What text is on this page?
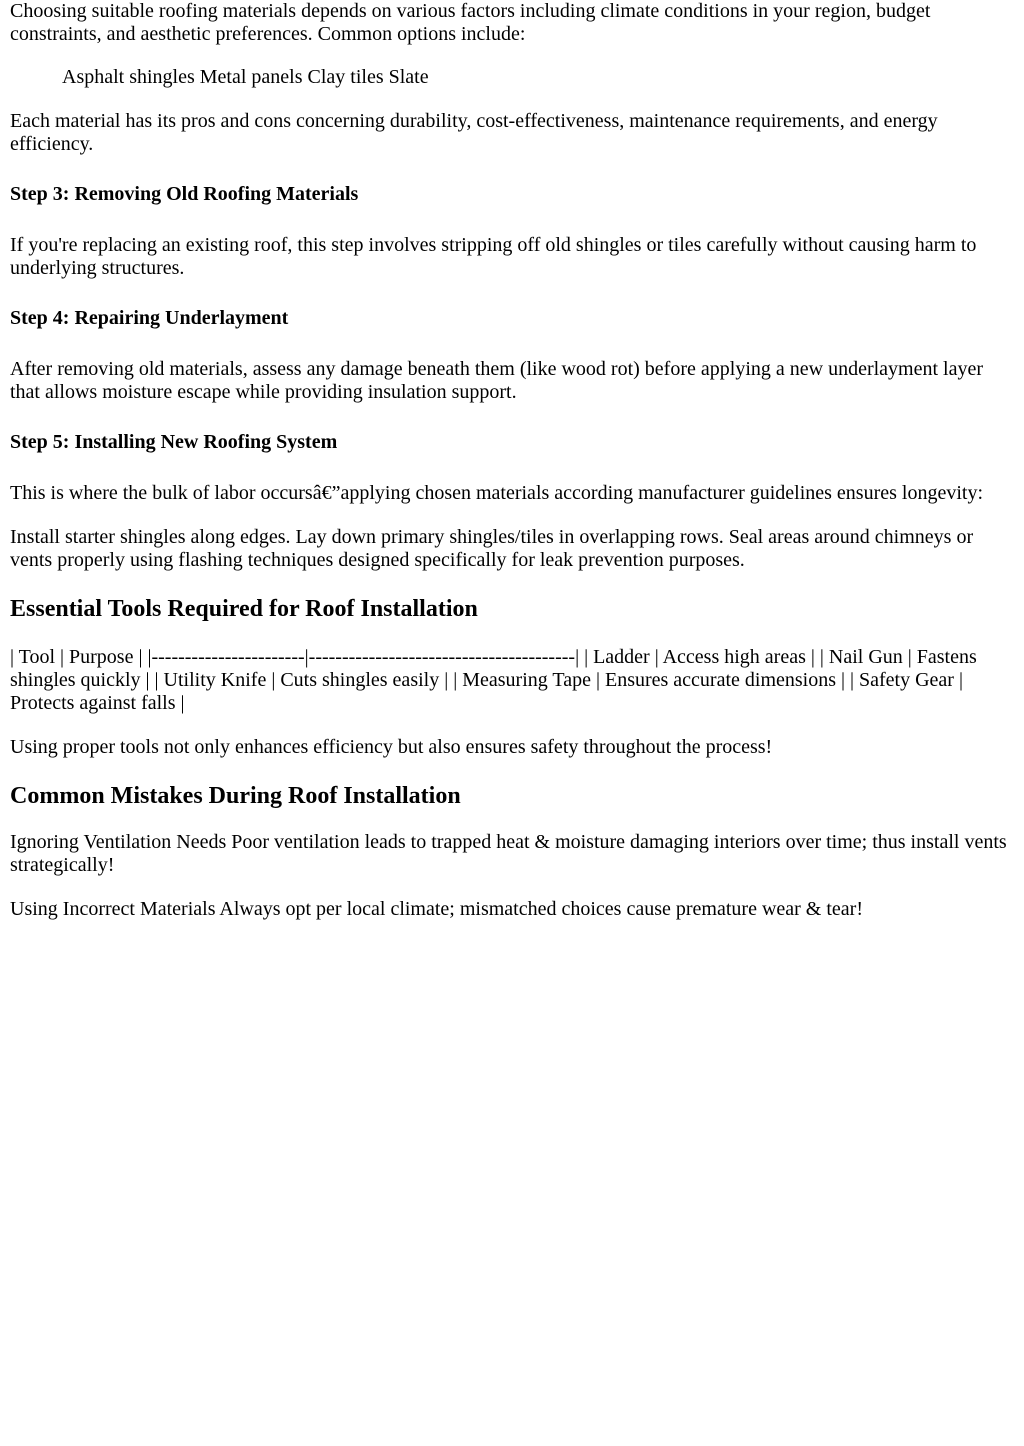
Choosing suitable roofing materials depends on various factors including climate conditions in your region, budget constraints, and aesthetic preferences. Common options include:

Asphalt shingles Metal panels Clay tiles Slate

Each material has its pros and cons concerning durability, cost-effectiveness, maintenance requirements, and energy efficiency.

Step 3: Removing Old Roofing Materials

If you're replacing an existing roof, this step involves stripping off old shingles or tiles carefully without causing harm to underlying structures.

Step 4: Repairing Underlayment

After removing old materials, assess any damage beneath them (like wood rot) before applying a new underlayment layer that allows moisture escape while providing insulation support.

Step 5: Installing New Roofing System

This is where the bulk of labor occursâ€”applying chosen materials according manufacturer guidelines ensures longevity:

Install starter shingles along edges. Lay down primary shingles/tiles in overlapping rows. Seal areas around chimneys or vents properly using flashing techniques designed specifically for leak prevention purposes.

Essential Tools Required for Roof Installation

| Tool | Purpose | |-----------------------|----------------------------------------| | Ladder | Access high areas | | Nail Gun | Fastens shingles quickly | | Utility Knife | Cuts shingles easily | | Measuring Tape | Ensures accurate dimensions | | Safety Gear | Protects against falls |

Using proper tools not only enhances efficiency but also ensures safety throughout the process!

Common Mistakes During Roof Installation

Ignoring Ventilation Needs Poor ventilation leads to trapped heat & moisture damaging interiors over time; thus install vents strategically!

Using Incorrect Materials Always opt per local climate; mismatched choices cause premature wear & tear!
